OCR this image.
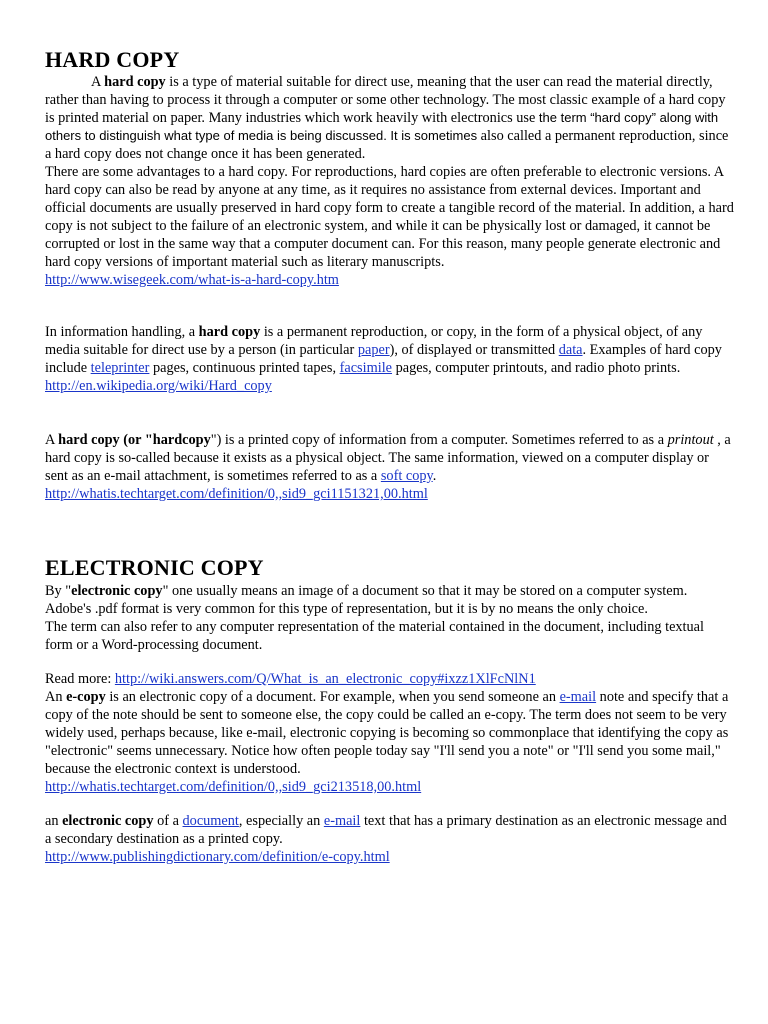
HARD COPY

A hard copy is a type of material suitable for direct use, meaning that the user can read the material directly, rather than having to process it through a computer or some other technology. The most classic example of a hard copy is printed material on paper. Many industries which work heavily with electronics use the term “hard copy” along with others to distinguish what type of media is being discussed. It is sometimes also called a permanent reproduction, since a hard copy does not change once it has been generated.

There are some advantages to a hard copy. For reproductions, hard copies are often preferable to electronic versions. A hard copy can also be read by anyone at any time, as it requires no assistance from external devices. Important and official documents are usually preserved in hard copy form to create a tangible record of the material. In addition, a hard copy is not subject to the failure of an electronic system, and while it can be physically lost or damaged, it cannot be corrupted or lost in the same way that a computer document can. For this reason, many people generate electronic and hard copy versions of important material such as literary manuscripts.

http://www.wisegeek.com/what-is-a-hard-copy.htm

In information handling, a hard copy is a permanent reproduction, or copy, in the form of a physical object, of any media suitable for direct use by a person (in particular paper), of displayed or transmitted data. Examples of hard copy include teleprinter pages, continuous printed tapes, facsimile pages, computer printouts, and radio photo prints.

http://en.wikipedia.org/wiki/Hard_copy

A hard copy (or "hardcopy") is a printed copy of information from a computer. Sometimes referred to as a printout , a hard copy is so-called because it exists as a physical object. The same information, viewed on a computer display or sent as an e-mail attachment, is sometimes referred to as a soft copy.

http://whatis.techtarget.com/definition/0,,sid9_gci1151321,00.html

ELECTRONIC COPY

By "electronic copy" one usually means an image of a document so that it may be stored on a computer system. Adobe's .pdf format is very common for this type of representation, but it is by no means the only choice.

The term can also refer to any computer representation of the material contained in the document, including textual form or a Word-processing document.

Read more: http://wiki.answers.com/Q/What_is_an_electronic_copy#ixzz1XlFcNlN1

An e-copy is an electronic copy of a document. For example, when you send someone an e-mail note and specify that a copy of the note should be sent to someone else, the copy could be called an e-copy. The term does not seem to be very widely used, perhaps because, like e-mail, electronic copying is becoming so commonplace that identifying the copy as "electronic" seems unnecessary. Notice how often people today say "I'll send you a note" or "I'll send you some mail," because the electronic context is understood.

http://whatis.techtarget.com/definition/0,,sid9_gci213518,00.html

an electronic copy of a document, especially an e-mail text that has a primary destination as an electronic message and a secondary destination as a printed copy.

http://www.publishingdictionary.com/definition/e-copy.html
